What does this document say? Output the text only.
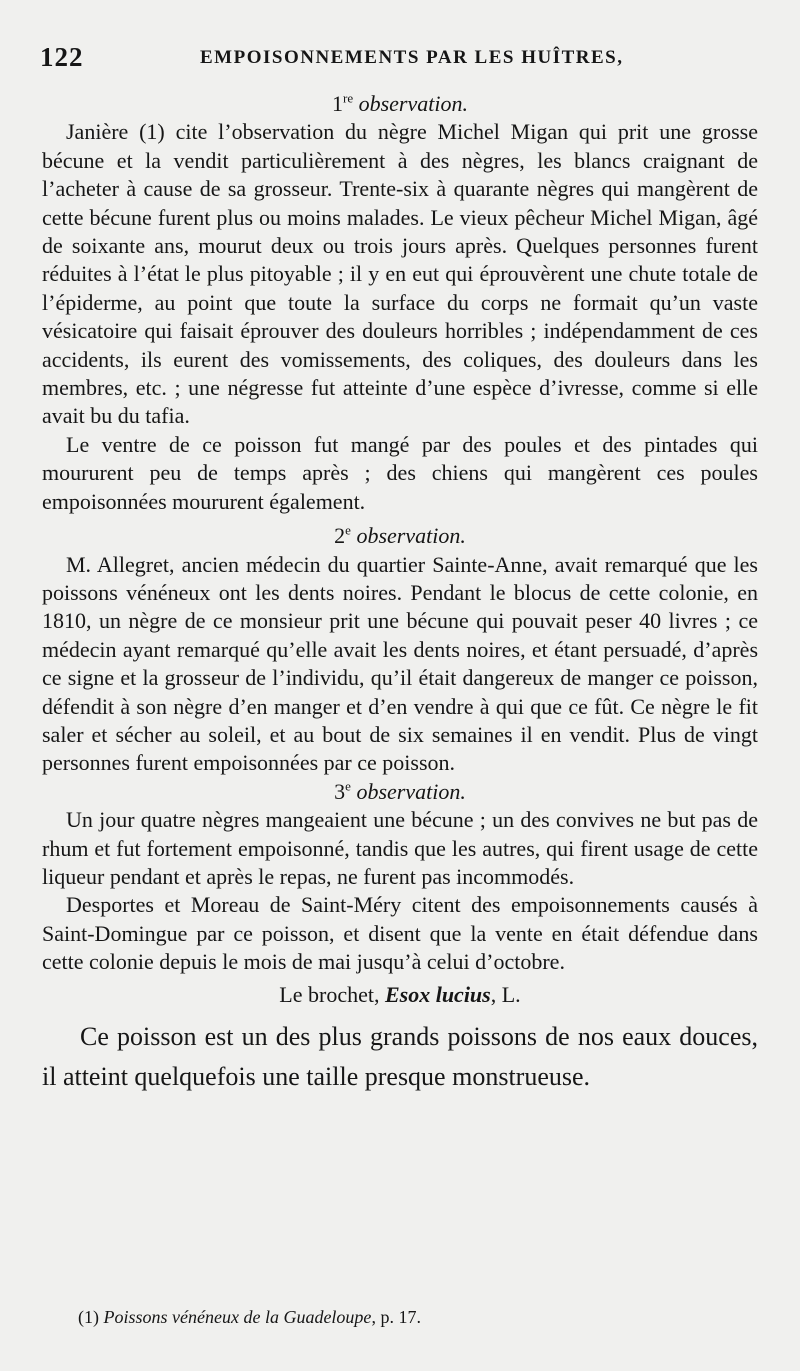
122	EMPOISONNEMENTS PAR LES HUÎTRES,
1re observation.

Janière (1) cite l’observation du nègre Michel Migan qui prit une grosse bécune et la vendit particulièrement à des nègres, les blancs craignant de l’acheter à cause de sa grosseur. Trente-six à quarante nègres qui mangèrent de cette bécune furent plus ou moins malades. Le vieux pêcheur Michel Migan, âgé de soixante ans, mourut deux ou trois jours après. Quelques personnes furent réduites à l’état le plus pitoyable ; il y en eut qui éprouvèrent une chute totale de l’épiderme, au point que toute la surface du corps ne formait qu’un vaste vésicatoire qui faisait éprouver des douleurs horribles ; indépendamment de ces accidents, ils eurent des vomissements, des coliques, des douleurs dans les membres, etc. ; une négresse fut atteinte d’une espèce d’ivresse, comme si elle avait bu du tafia.

Le ventre de ce poisson fut mangé par des poules et des pintades qui moururent peu de temps après ; des chiens qui mangèrent ces poules empoisonnées moururent également.

2e observation.

M. Allegret, ancien médecin du quartier Sainte-Anne, avait remarqué que les poissons vénéneux ont les dents noires. Pendant le blocus de cette colonie, en 1810, un nègre de ce monsieur prit une bécune qui pouvait peser 40 livres ; ce médecin ayant remarqué qu’elle avait les dents noires, et étant persuadé, d’après ce signe et la grosseur de l’individu, qu’il était dangereux de manger ce poisson, défendit à son nègre d’en manger et d’en vendre à qui que ce fût. Ce nègre le fit saler et sécher au soleil, et au bout de six semaines il en vendit. Plus de vingt personnes furent empoisonnées par ce poisson.

3e observation.

Un jour quatre nègres mangeaient une bécune ; un des convives ne but pas de rhum et fut fortement empoisonné, tandis que les autres, qui firent usage de cette liqueur pendant et après le repas, ne furent pas incommodés.

Desportes et Moreau de Saint-Méry citent des empoisonnements causés à Saint-Domingue par ce poisson, et disent que la vente en était défendue dans cette colonie depuis le mois de mai jusqu’à celui d’octobre.

Le brochet, Esox lucius, L.

Ce poisson est un des plus grands poissons de nos eaux douces, il atteint quelquefois une taille presque monstrueuse.

(1) Poissons vénéneux de la Guadeloupe, p. 17.
